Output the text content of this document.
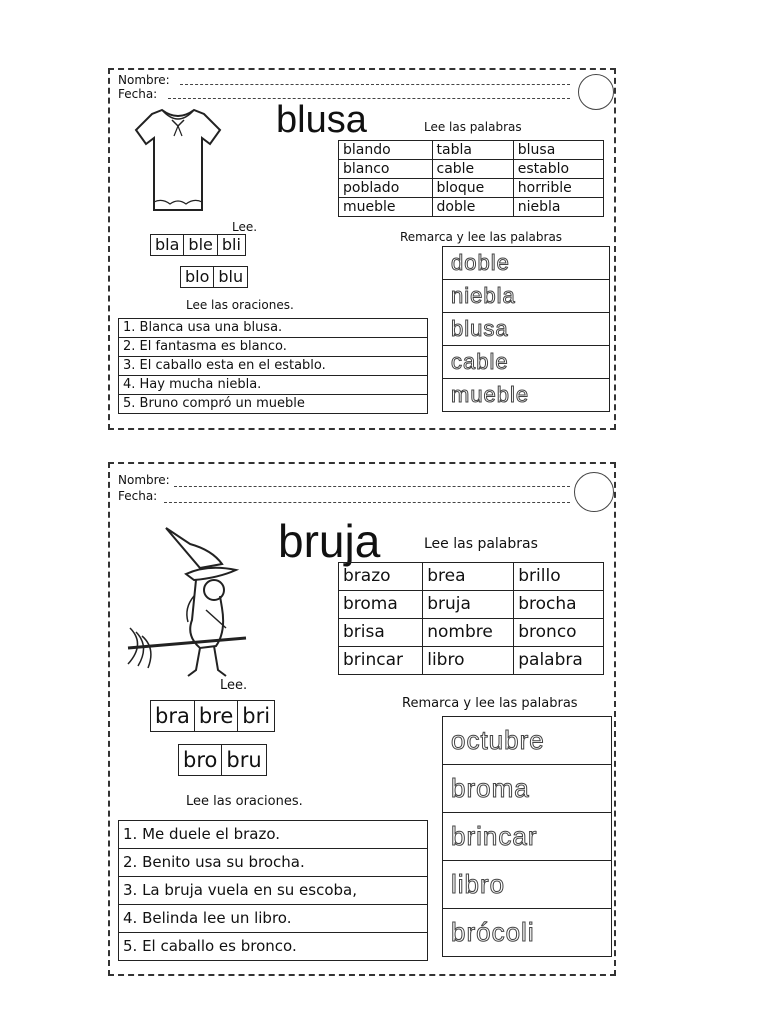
Nombre:
Fecha:
blusa	Lee las palabras
blando	tabla	blusa
blanco	cable	establo
poblado	bloque	horrible
mueble	doble	niebla
Lee.
bla	ble	bli
blo	blu
Remarca y lee las palabras
doble
niebla
blusa
cable
mueble
Lee las oraciones.
1. Blanca usa una blusa.
2. El fantasma es blanco.
3. El caballo esta en el establo.
4. Hay mucha niebla.
5. Bruno compró un mueble
Nombre:
Fecha:
bruja	Lee las palabras
brazo	brea	brillo
broma	bruja	brocha
brisa	nombre	bronco
brincar	libro	palabra
Lee.
bra	bre	bri
bro	bru
Remarca y lee las palabras
octubre
broma
brincar
libro
brócoli
Lee las oraciones.
1. Me duele el brazo.
2. Benito usa su brocha.
3. La bruja vuela en su escoba,
4. Belinda lee un libro.
5. El caballo es bronco.
